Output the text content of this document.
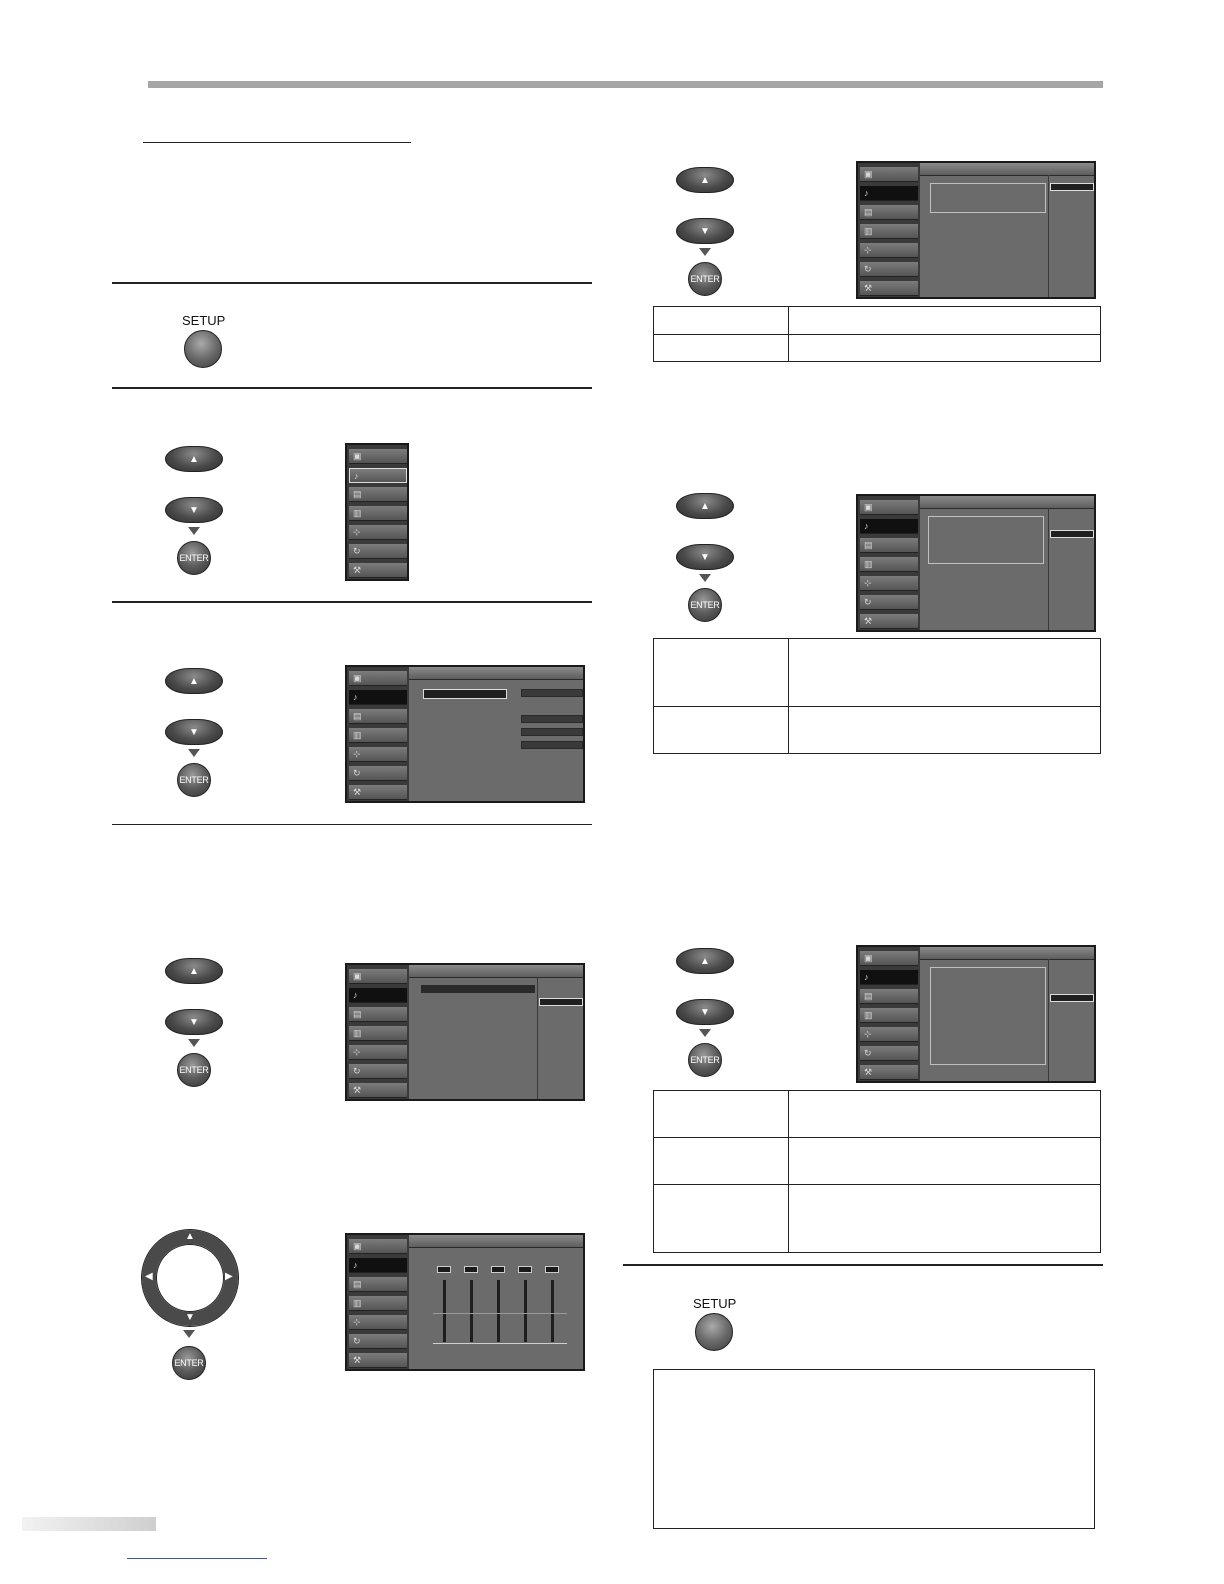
SETUP
▲
▼
ENTER
▣
♪
▤
▥
⊹
↻
⚒
▲
▼
ENTER
▣
♪
▤
▥
⊹
↻
⚒
▲
▼
ENTER
▣
♪
▤
▥
⊹
↻
⚒
▲
▼
◀	▶
ENTER
▣
♪
▤
▥
⊹
↻
⚒
▲
▼
ENTER
▣
♪
▤
▥
⊹
↻
⚒

▲
▼
ENTER
▣
♪
▤
▥
⊹
↻
⚒

▲
▼
ENTER
▣
♪
▤
▥
⊹
↻
⚒

SETUP
